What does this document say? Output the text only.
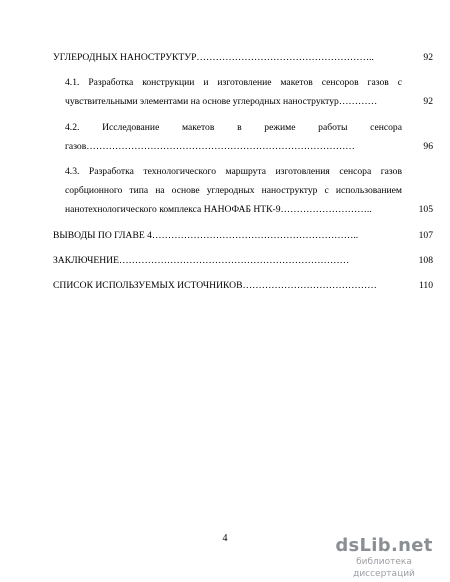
УГЛЕРОДНЫХ НАНОСТРУКТУР………………………………………………..	92
4.1. Разработка конструкции и изготовление макетов сенсоров газов с
чувствительными элементами на основе углеродных наноструктур…………	92
4.2. Исследование макетов в режиме работы сенсора
газов…………………………………………………………………………	96
4.3. Разработка технологического маршрута изготовления сенсора газов
сорбционного типа на основе углеродных наноструктур с использованием
нанотехнологического комплекса НАНОФАБ НТК-9………………………..	105
ВЫВОДЫ ПО ГЛАВЕ 4………………………………………………………..	107
ЗАКЛЮЧЕНИЕ………………………………………………………………	108
СПИСОК ИСПОЛЬЗУЕМЫХ ИСТОЧНИКОВ……………………………………	110
4	dsLib.net
библиотека диссертаций
